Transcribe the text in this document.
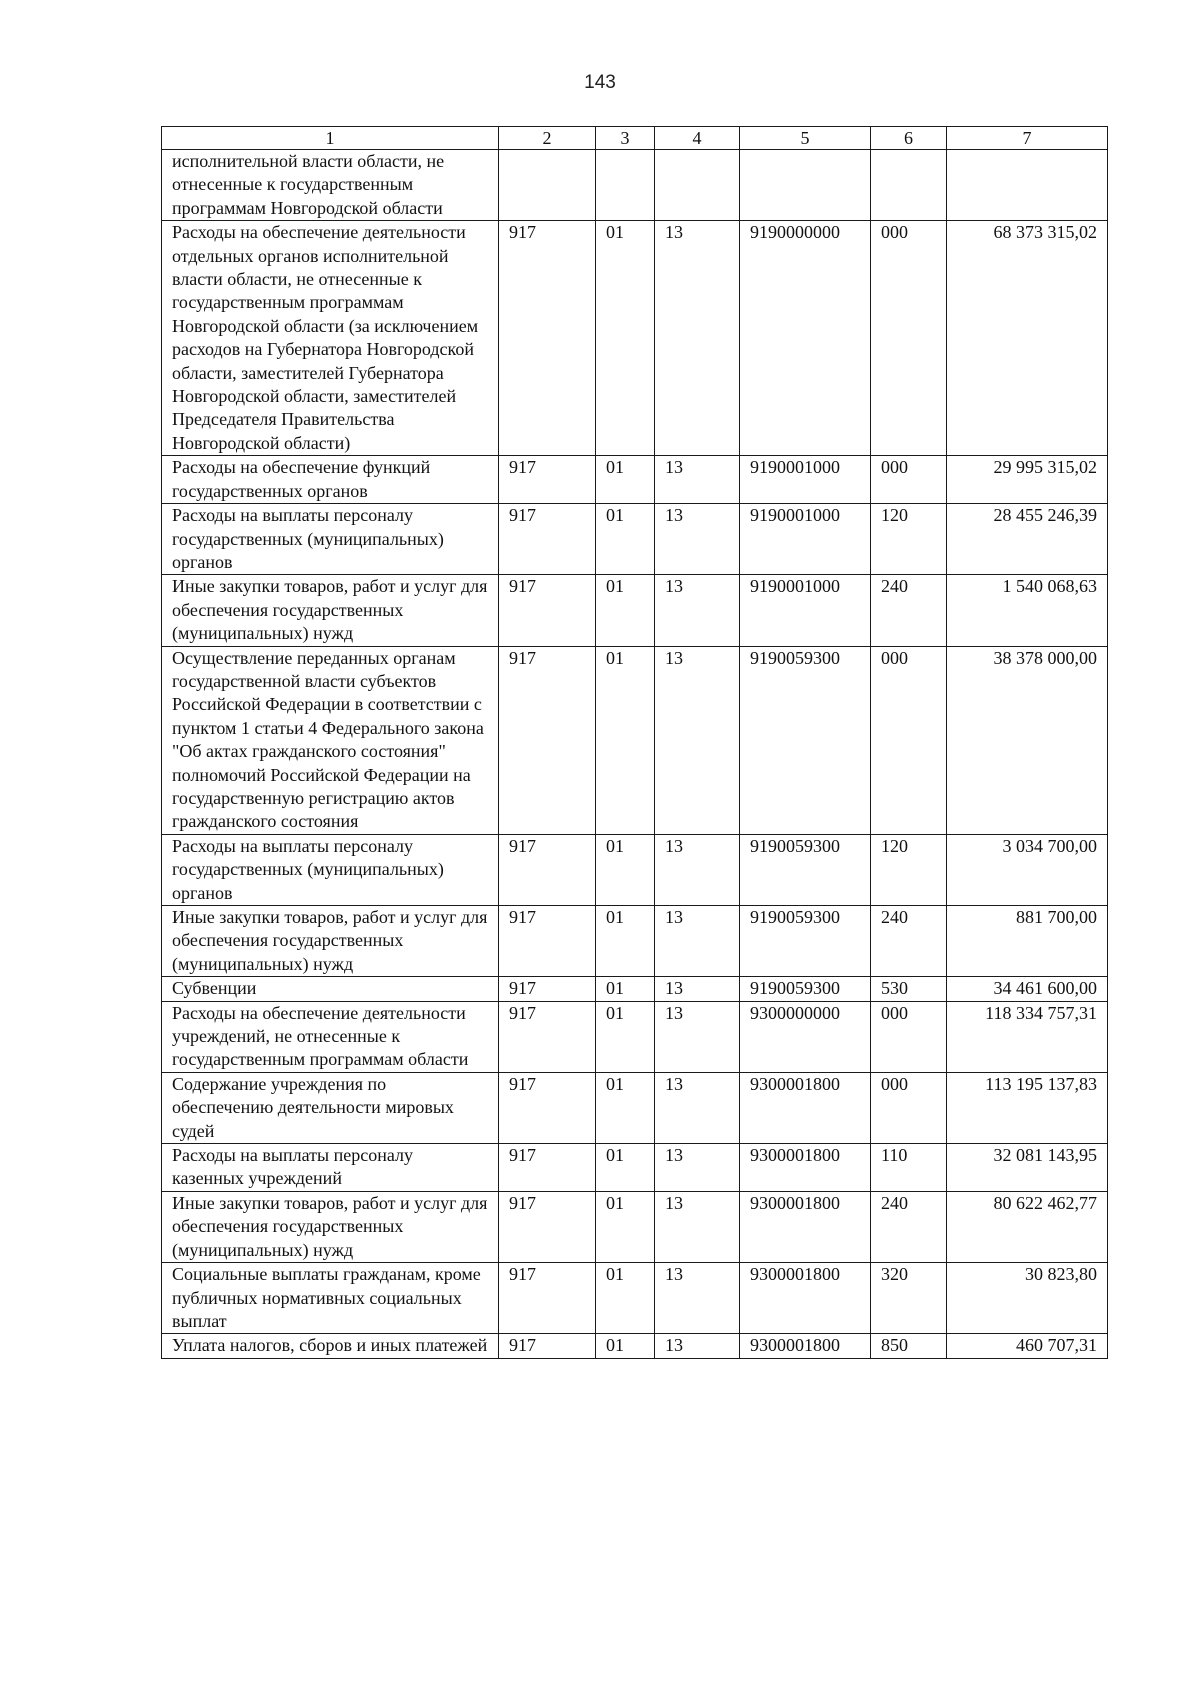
143
1	2	3	4	5	6	7
исполнительной власти области, не отнесенные к государственным программам Новгородской области						
Расходы на обеспечение деятельности отдельных органов исполнительной власти области, не отнесенные к государственным программам Новгородской области (за исключением расходов на Губернатора Новгородской области, заместителей Губернатора Новгородской области, заместителей Председателя Правительства Новгородской области)	917	01	13	9190000000	000	68 373 315,02
Расходы на обеспечение функций государственных органов	917	01	13	9190001000	000	29 995 315,02
Расходы на выплаты персоналу государственных (муниципальных) органов	917	01	13	9190001000	120	28 455 246,39
Иные закупки товаров, работ и услуг для обеспечения государственных (муниципальных) нужд	917	01	13	9190001000	240	1 540 068,63
Осуществление переданных органам государственной власти субъектов Российской Федерации в соответствии с пунктом 1 статьи 4 Федерального закона "Об актах гражданского состояния" полномочий Российской Федерации на государственную регистрацию актов гражданского состояния	917	01	13	9190059300	000	38 378 000,00
Расходы на выплаты персоналу государственных (муниципальных) органов	917	01	13	9190059300	120	3 034 700,00
Иные закупки товаров, работ и услуг для обеспечения государственных (муниципальных) нужд	917	01	13	9190059300	240	881 700,00
Субвенции	917	01	13	9190059300	530	34 461 600,00
Расходы на обеспечение деятельности учреждений, не отнесенные к государственным программам области	917	01	13	9300000000	000	118 334 757,31
Содержание учреждения по обеспечению деятельности мировых судей	917	01	13	9300001800	000	113 195 137,83
Расходы на выплаты персоналу казенных учреждений	917	01	13	9300001800	110	32 081 143,95
Иные закупки товаров, работ и услуг для обеспечения государственных (муниципальных) нужд	917	01	13	9300001800	240	80 622 462,77
Социальные выплаты гражданам, кроме публичных нормативных социальных выплат	917	01	13	9300001800	320	30 823,80
Уплата налогов, сборов и иных платежей	917	01	13	9300001800	850	460 707,31
